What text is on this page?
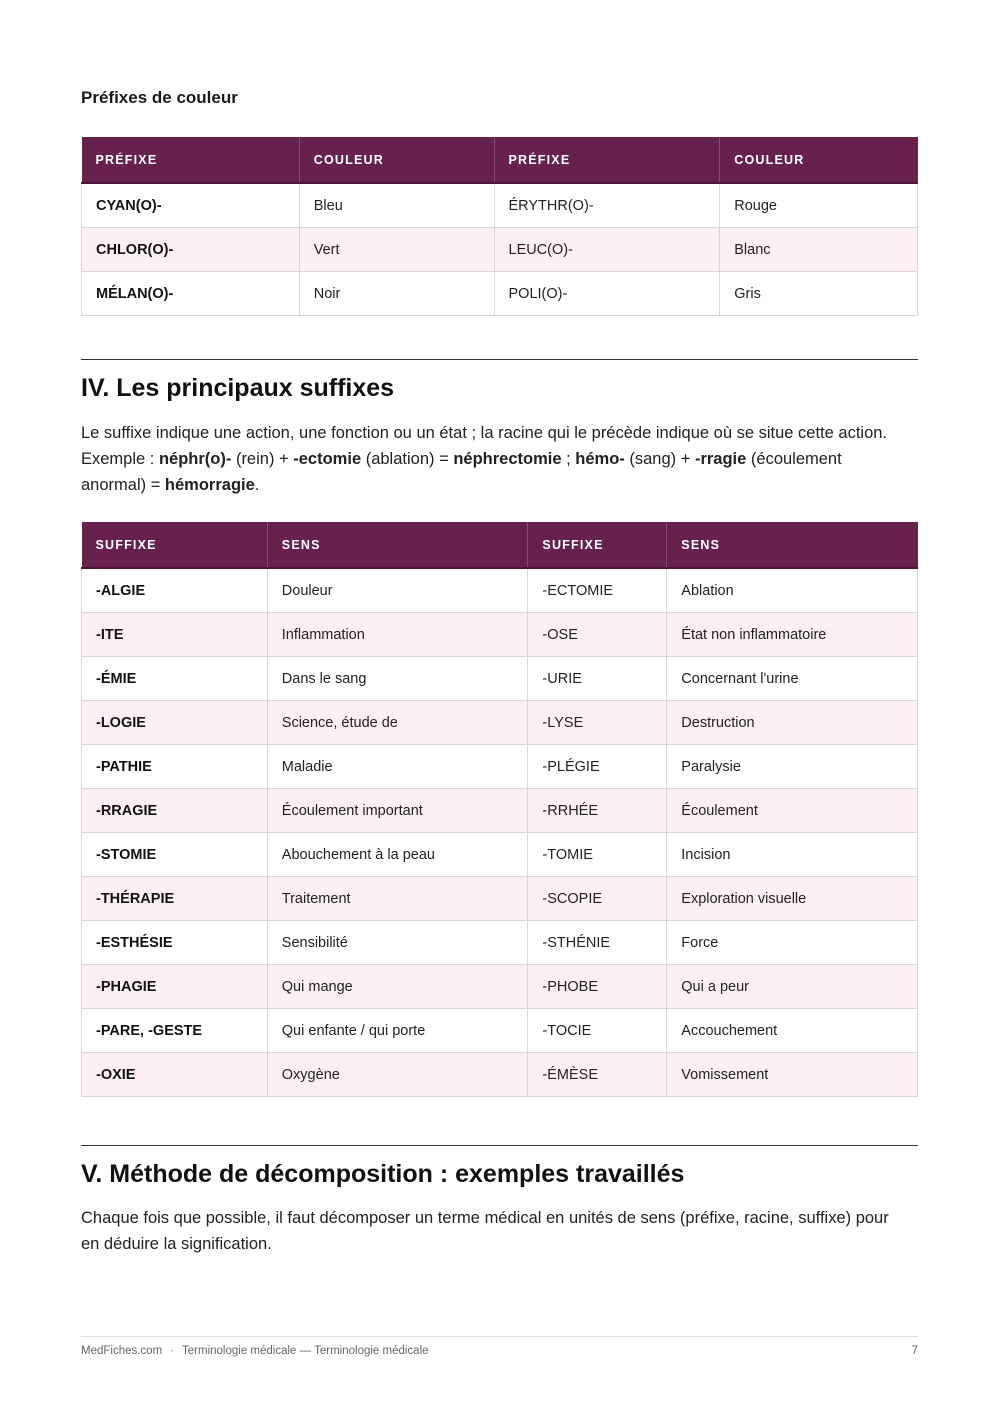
Préfixes de couleur
PRÉFIXE	COULEUR	PRÉFIXE	COULEUR
CYAN(O)-	Bleu	ÉRYTHR(O)-	Rouge
CHLOR(O)-	Vert	LEUC(O)-	Blanc
MÉLAN(O)-	Noir	POLI(O)-	Gris
IV. Les principaux suffixes
Le suffixe indique une action, une fonction ou un état ; la racine qui le précède indique où se situe cette action. Exemple : néphr(o)- (rein) + -ectomie (ablation) = néphrectomie ; hémo- (sang) + -rragie (écoulement anormal) = hémorragie.
SUFFIXE	SENS	SUFFIXE	SENS
-ALGIE	Douleur	-ECTOMIE	Ablation
-ITE	Inflammation	-OSE	État non inflammatoire
-ÉMIE	Dans le sang	-URIE	Concernant l'urine
-LOGIE	Science, étude de	-LYSE	Destruction
-PATHIE	Maladie	-PLÉGIE	Paralysie
-RRAGIE	Écoulement important	-RRHÉE	Écoulement
-STOMIE	Abouchement à la peau	-TOMIE	Incision
-THÉRAPIE	Traitement	-SCOPIE	Exploration visuelle
-ESTHÉSIE	Sensibilité	-STHÉNIE	Force
-PHAGIE	Qui mange	-PHOBE	Qui a peur
-PARE, -GESTE	Qui enfante / qui porte	-TOCIE	Accouchement
-OXIE	Oxygène	-ÉMÈSE	Vomissement
V. Méthode de décomposition : exemples travaillés
Chaque fois que possible, il faut décomposer un terme médical en unités de sens (préfixe, racine, suffixe) pour en déduire la signification.
MedFiches.com · Terminologie médicale — Terminologie médicale	7
